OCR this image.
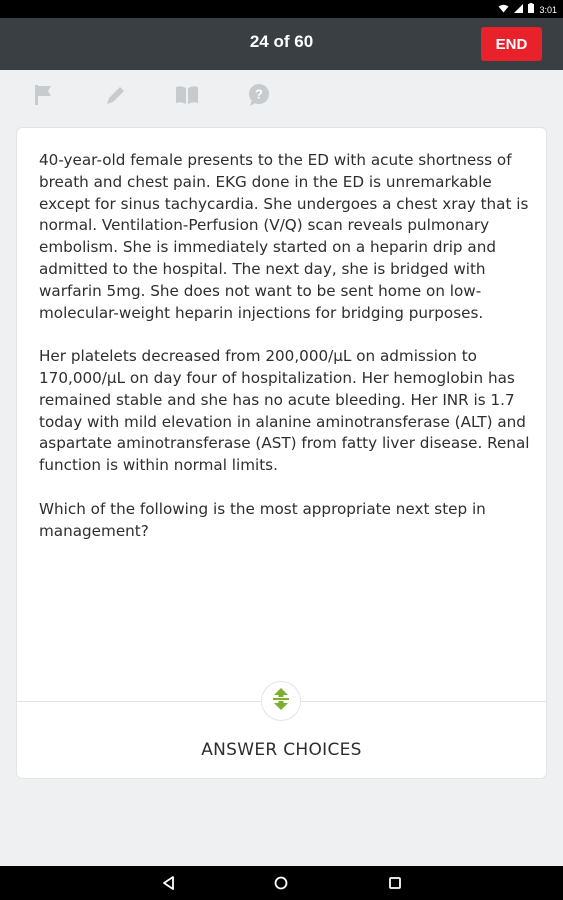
3:01
24 of 60	END
?

40-year-old female presents to the ED with acute shortness of breath and chest pain. EKG done in the ED is unremarkable except for sinus tachycardia. She undergoes a chest xray that is normal. Ventilation-Perfusion (V/Q) scan reveals pulmonary embolism. She is immediately started on a heparin drip and admitted to the hospital. The next day, she is bridged with warfarin 5mg. She does not want to be sent home on low-molecular-weight heparin injections for bridging purposes.

Her platelets decreased from 200,000/µL on admission to 170,000/µL on day four of hospitalization. Her hemoglobin has remained stable and she has no acute bleeding. Her INR is 1.7 today with mild elevation in alanine aminotransferase (ALT) and aspartate aminotransferase (AST) from fatty liver disease. Renal function is within normal limits.

Which of the following is the most appropriate next step in management?

ANSWER CHOICES
